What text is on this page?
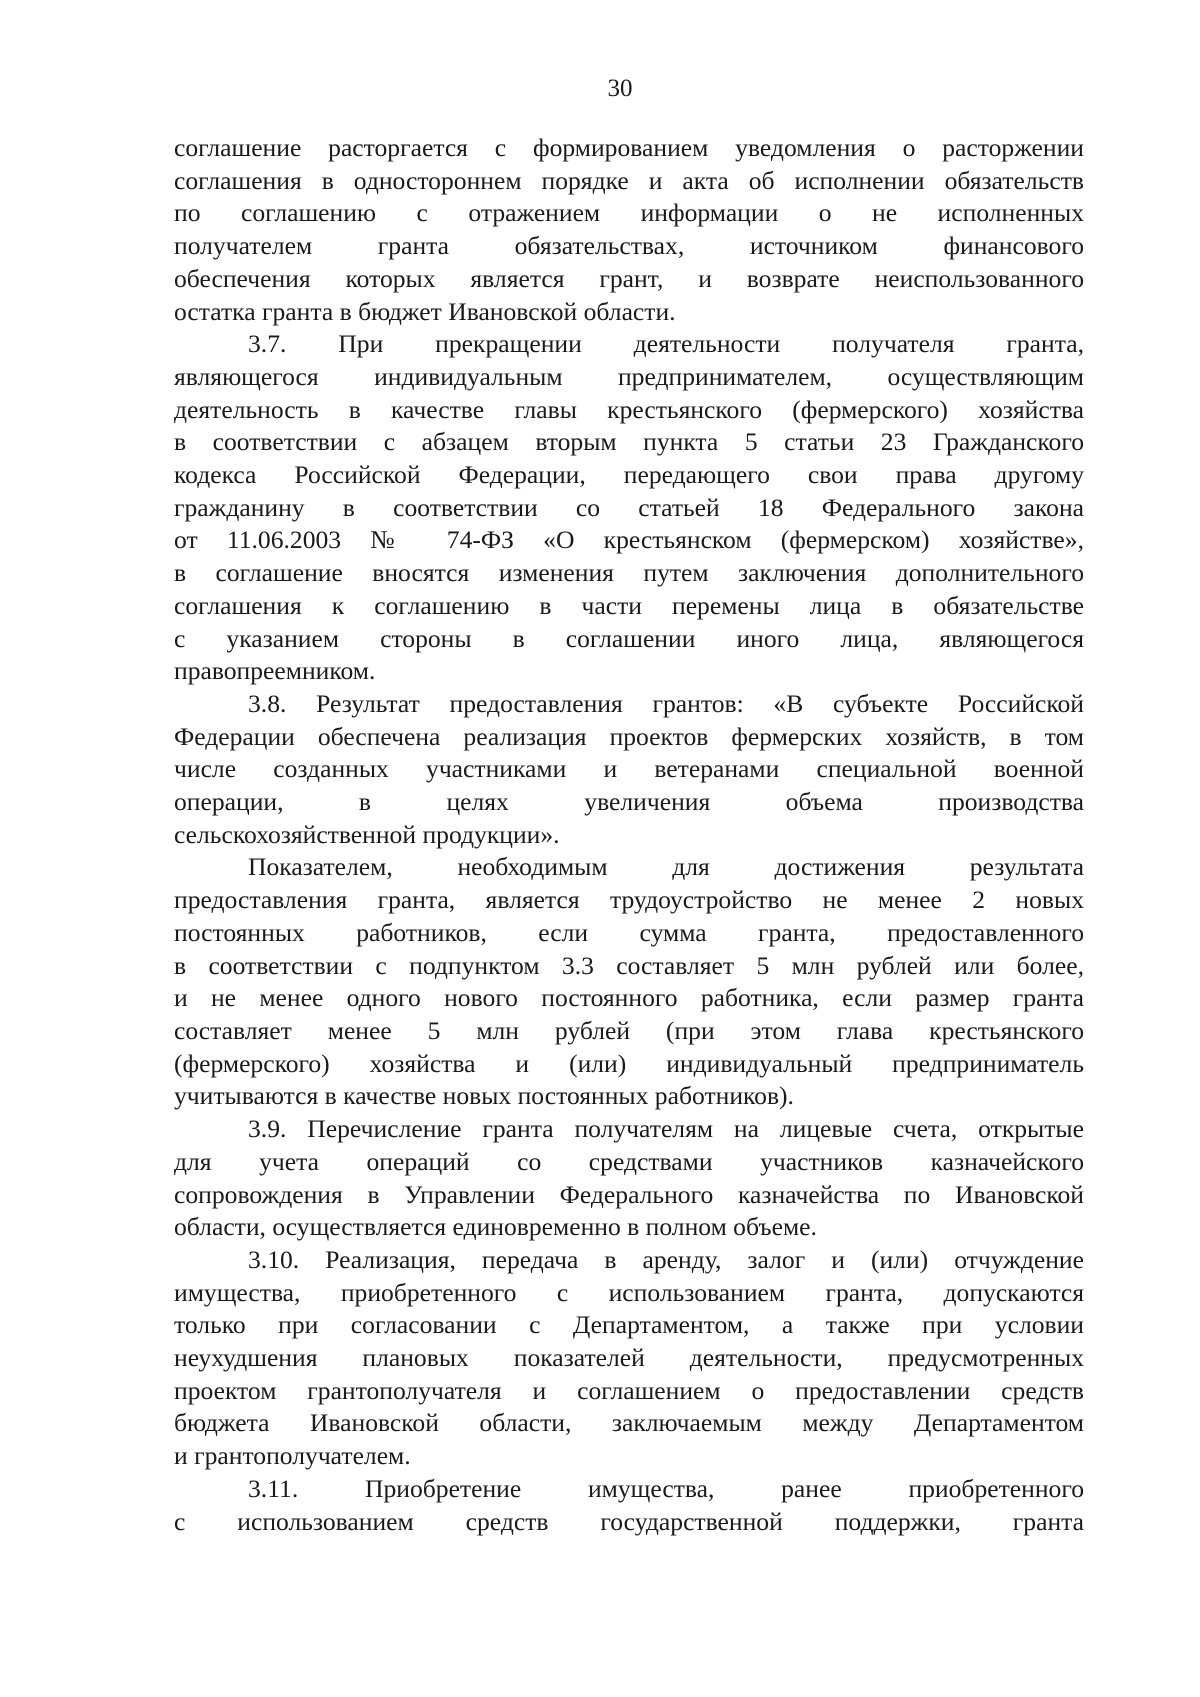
30
соглашение расторгается с формированием уведомления о расторжении
соглашения в одностороннем порядке и акта об исполнении обязательств
по соглашению с отражением информации о не исполненных
получателем гранта обязательствах, источником финансового
обеспечения которых является грант, и возврате неиспользованного
остатка гранта в бюджет Ивановской области.
3.7. При прекращении деятельности получателя гранта,
являющегося индивидуальным предпринимателем, осуществляющим
деятельность в качестве главы крестьянского (фермерского) хозяйства
в соответствии с абзацем вторым пункта 5 статьи 23 Гражданского
кодекса Российской Федерации, передающего свои права другому
гражданину в соответствии со статьей 18 Федерального закона
от 11.06.2003 № 74-ФЗ «О крестьянском (фермерском) хозяйстве»,
в соглашение вносятся изменения путем заключения дополнительного
соглашения к соглашению в части перемены лица в обязательстве
с указанием стороны в соглашении иного лица, являющегося
правопреемником.
3.8. Результат предоставления грантов: «В субъекте Российской
Федерации обеспечена реализация проектов фермерских хозяйств, в том
числе созданных участниками и ветеранами специальной военной
операции, в целях увеличения объема производства
сельскохозяйственной продукции».
Показателем, необходимым для достижения результата
предоставления гранта, является трудоустройство не менее 2 новых
постоянных работников, если сумма гранта, предоставленного
в соответствии с подпунктом 3.3 составляет 5 млн рублей или более,
и не менее одного нового постоянного работника, если размер гранта
составляет менее 5 млн рублей (при этом глава крестьянского
(фермерского) хозяйства и (или) индивидуальный предприниматель
учитываются в качестве новых постоянных работников).
3.9. Перечисление гранта получателям на лицевые счета, открытые
для учета операций со средствами участников казначейского
сопровождения в Управлении Федерального казначейства по Ивановской
области, осуществляется единовременно в полном объеме.
3.10. Реализация, передача в аренду, залог и (или) отчуждение
имущества, приобретенного с использованием гранта, допускаются
только при согласовании с Департаментом, а также при условии
неухудшения плановых показателей деятельности, предусмотренных
проектом грантополучателя и соглашением о предоставлении средств
бюджета Ивановской области, заключаемым между Департаментом
и грантополучателем.
3.11. Приобретение имущества, ранее приобретенного
с использованием средств государственной поддержки, гранта
